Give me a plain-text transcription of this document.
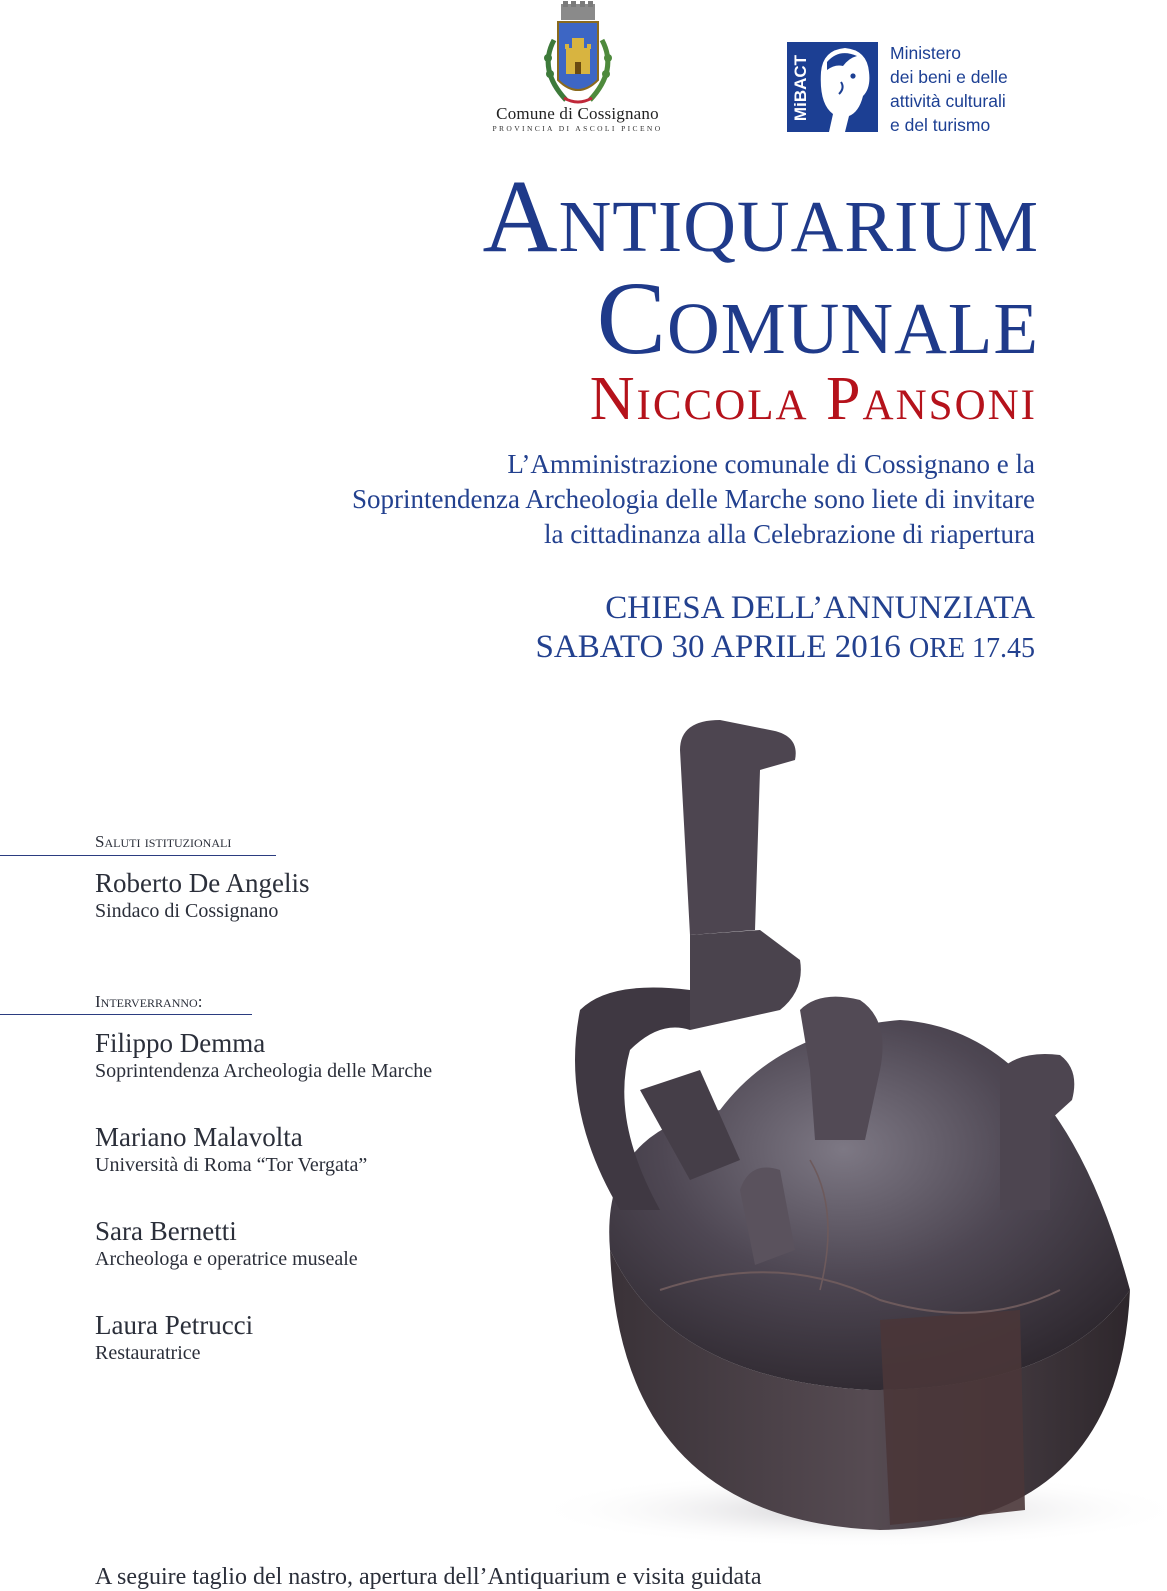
Comune di Cossignano
PROVINCIA DI ASCOLI PICENO
MiBACT
Ministero
dei beni e delle
attività culturali
e del turismo
Antiquarium
Comunale
Niccola Pansoni
L’Amministrazione comunale di Cossignano e la
Soprintendenza Archeologia delle Marche sono liete di invitare
la cittadinanza alla Celebrazione di riapertura
CHIESA DELL’ANNUNZIATA
SABATO 30 APRILE 2016 ORE 17.45
Saluti istituzionali
Roberto De Angelis
Sindaco di Cossignano
Interverranno:
Filippo Demma
Soprintendenza Archeologia delle Marche
Mariano Malavolta
Università di Roma “Tor Vergata”
Sara Bernetti
Archeologa e operatrice museale
Laura Petrucci
Restauratrice
A seguire taglio del nastro, apertura dell’Antiquarium e visita guidata
